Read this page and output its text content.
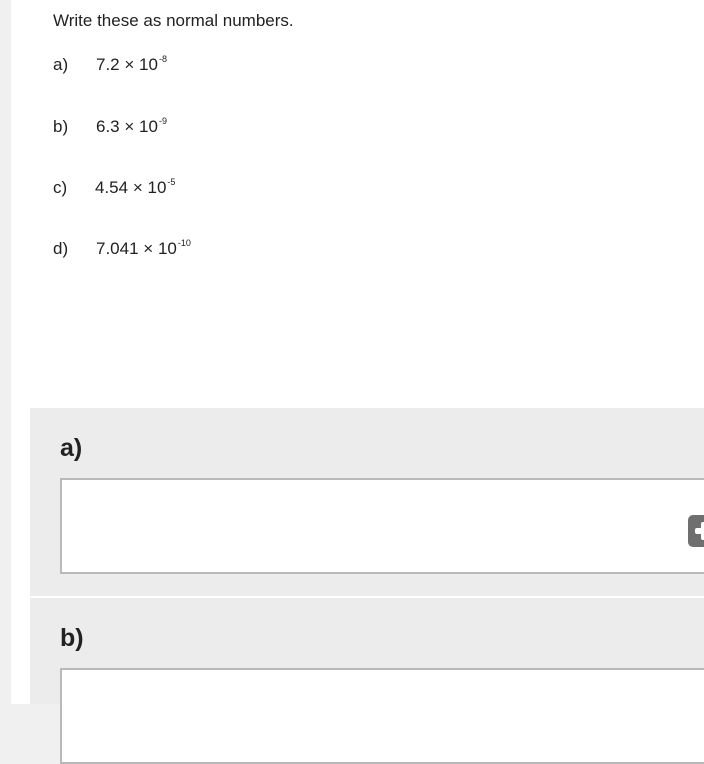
Write these as normal numbers.
a) $7.2 \times 10^{-8}$
b) $6.3 \times 10^{-9}$
c) $4.54 \times 10^{-5}$
d) $7.041 \times 10^{-10}$
a)
b)
